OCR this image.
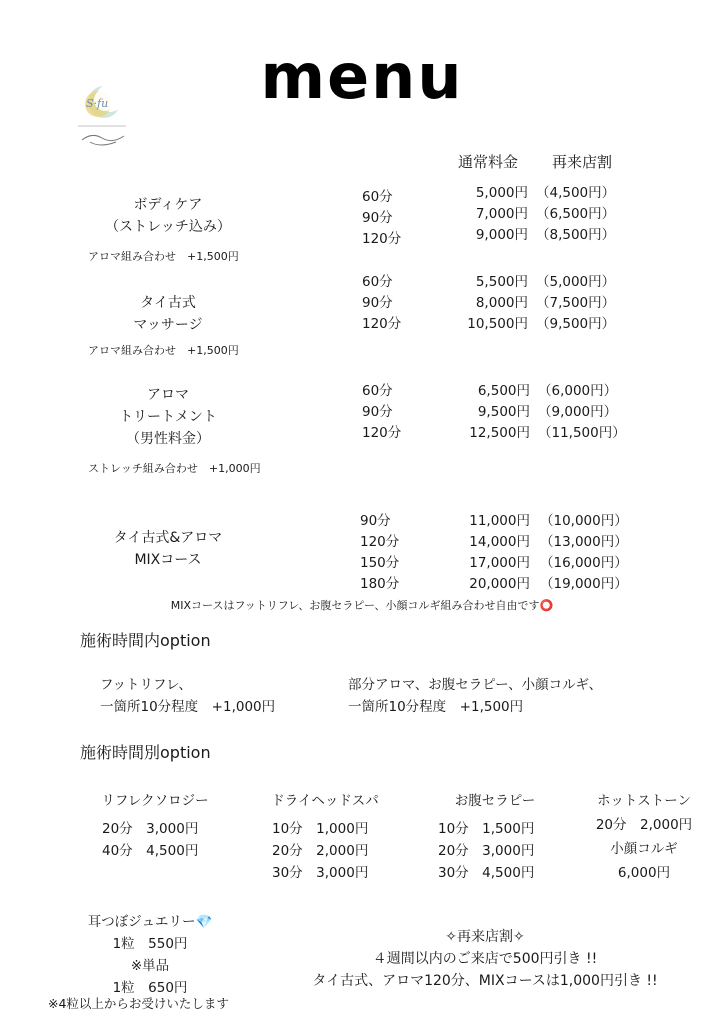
menu
S·fu
通常料金 再来店割
ボディケア
（ストレッチ込み）
60分
90分
120分
5,000円
7,000円
9,000円
（4,500円）
（6,500円）
（8,500円）
アロマ組み合わせ　+1,500円
タイ古式
マッサージ
60分
90分
120分
5,500円
8,000円
10,500円
（5,000円）
（7,500円）
（9,500円）
アロマ組み合わせ　+1,500円
アロマ
トリートメント
（男性料金）
60分
90分
120分
6,500円
9,500円
12,500円
（6,000円）
（9,000円）
（11,500円）
ストレッチ組み合わせ　+1,000円
タイ古式&アロマ
MIXコース
90分
120分
150分
180分
11,000円
14,000円
17,000円
20,000円
（10,000円）
（13,000円）
（16,000円）
（19,000円）
MIXコースはフットリフレ、お腹セラピー、小顔コルギ組み合わせ自由です⭕
施術時間内option
フットリフレ、
一箇所10分程度　+1,000円
部分アロマ、お腹セラピー、小顔コルギ、
一箇所10分程度　+1,500円
施術時間別option
リフレクソロジー
20分　3,000円
40分　4,500円
ドライヘッドスパ
10分　1,000円
20分　2,000円
30分　3,000円
お腹セラピー
10分　1,500円
20分　3,000円
30分　4,500円
ホットストーン
20分　2,000円
小顔コルギ
6,000円
耳つぼジュエリー💎
1粒　550円
※単品
1粒　650円
※4粒以上からお受けいたします
✧再来店割✧
４週間以内のご来店で500円引き !!
タイ古式、アロマ120分、MIXコースは1,000円引き !!
